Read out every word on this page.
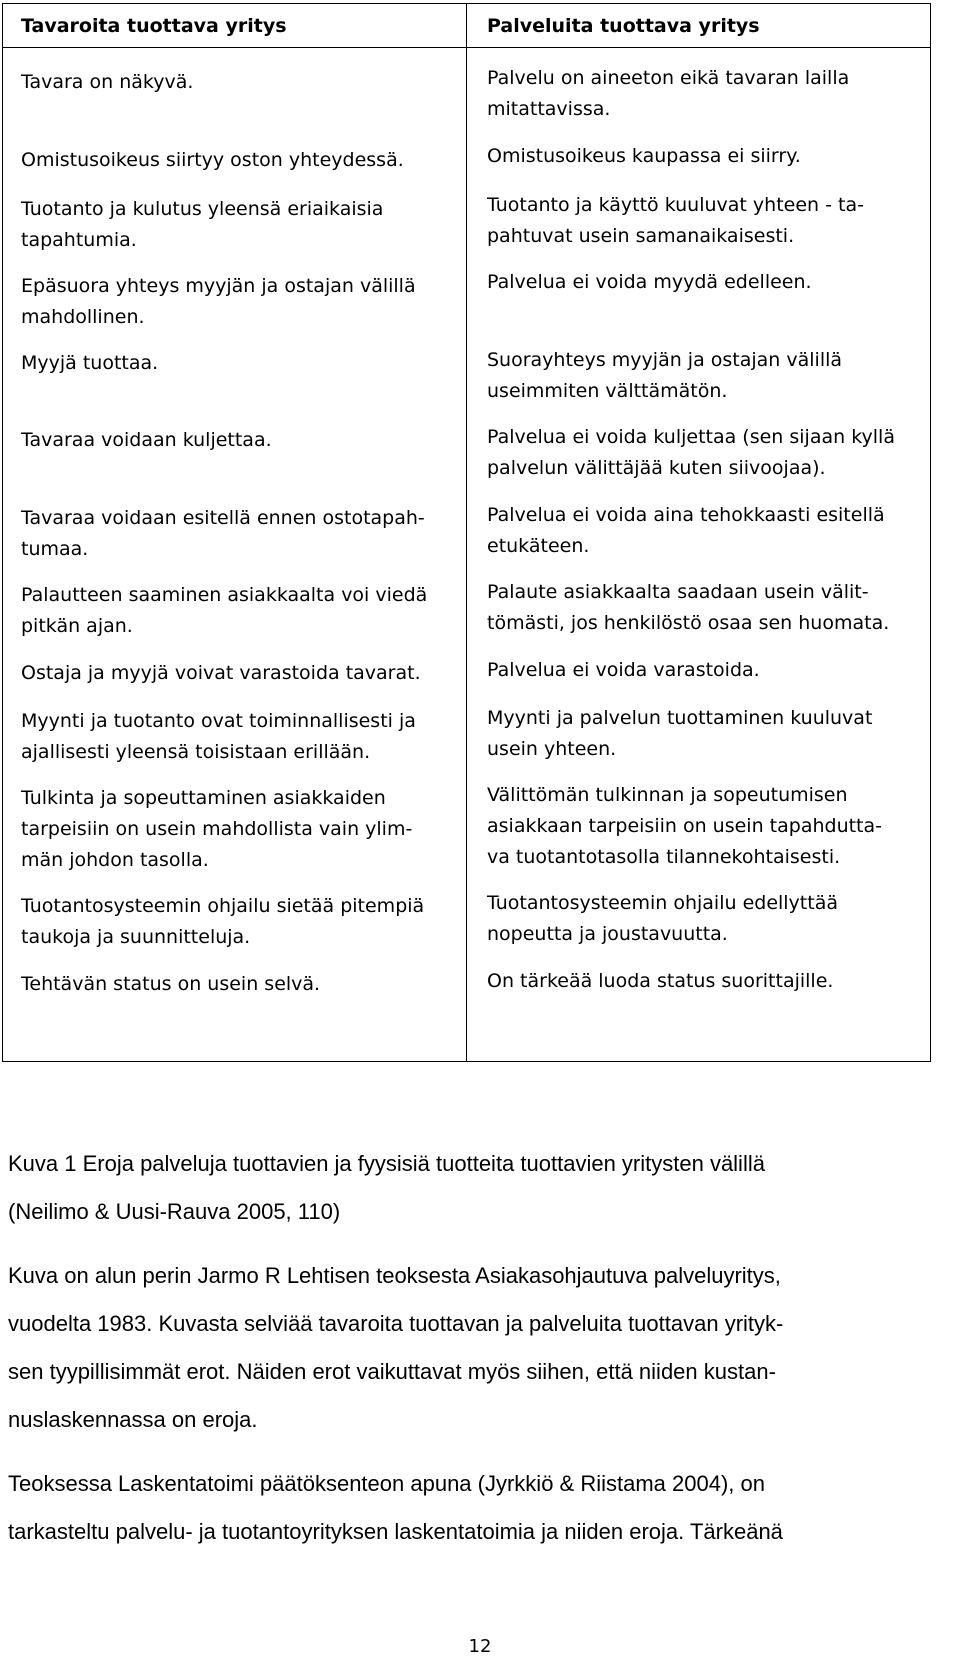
Tavaroita tuottava yritys
Tavara on näkyvä.
Omistusoikeus siirtyy oston yhteydessä.
Tuotanto ja kulutus yleensä eriaikaisia
tapahtumia.
Epäsuora yhteys myyjän ja ostajan välillä
mahdollinen.
Myyjä tuottaa.
Tavaraa voidaan kuljettaa.
Tavaraa voidaan esitellä ennen ostotapah-
tumaa.
Palautteen saaminen asiakkaalta voi viedä
pitkän ajan.
Ostaja ja myyjä voivat varastoida tavarat.
Myynti ja tuotanto ovat toiminnallisesti ja
ajallisesti yleensä toisistaan erillään.
Tulkinta ja sopeuttaminen asiakkaiden
tarpeisiin on usein mahdollista vain ylim-
män johdon tasolla.
Tuotantosysteemin ohjailu sietää pitempiä
taukoja ja suunnitteluja.
Tehtävän status on usein selvä.
Palveluita tuottava yritys
Palvelu on aineeton eikä tavaran lailla
mitattavissa.
Omistusoikeus kaupassa ei siirry.
Tuotanto ja käyttö kuuluvat yhteen - ta-
pahtuvat usein samanaikaisesti.
Palvelua ei voida myydä edelleen.
Suorayhteys myyjän ja ostajan välillä
useimmiten välttämätön.
Palvelua ei voida kuljettaa (sen sijaan kyllä
palvelun välittäjää kuten siivoojaa).
Palvelua ei voida aina tehokkaasti esitellä
etukäteen.
Palaute asiakkaalta saadaan usein välit-
tömästi, jos henkilöstö osaa sen huomata.
Palvelua ei voida varastoida.
Myynti ja palvelun tuottaminen kuuluvat
usein yhteen.
Välittömän tulkinnan ja sopeutumisen
asiakkaan tarpeisiin on usein tapahdutta-
va tuotantotasolla tilannekohtaisesti.
Tuotantosysteemin ohjailu edellyttää
nopeutta ja joustavuutta.
On tärkeää luoda status suorittajille.
Kuva 1 Eroja palveluja tuottavien ja fyysisiä tuotteita tuottavien yritysten välillä
(Neilimo & Uusi-Rauva 2005, 110)
Kuva on alun perin Jarmo R Lehtisen teoksesta Asiakasohjautuva palveluyritys,
vuodelta 1983. Kuvasta selviää tavaroita tuottavan ja palveluita tuottavan yrityk-
sen tyypillisimmät erot. Näiden erot vaikuttavat myös siihen, että niiden kustan-
nuslaskennassa on eroja.
Teoksessa Laskentatoimi päätöksenteon apuna (Jyrkkiö & Riistama 2004), on
tarkasteltu palvelu- ja tuotantoyrityksen laskentatoimia ja niiden eroja. Tärkeänä
12
